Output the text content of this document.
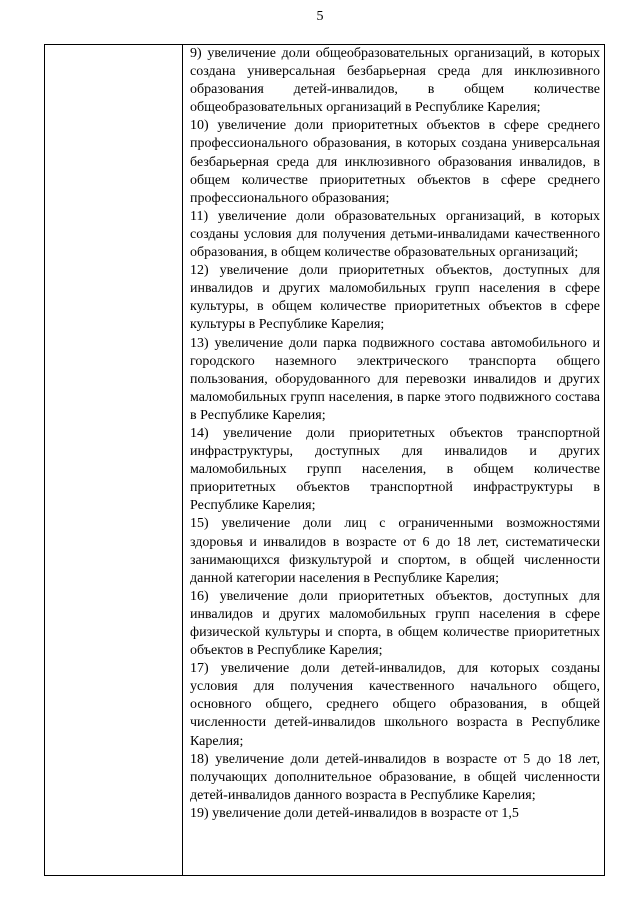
5

9) увеличение доли общеобразовательных организаций, в которых создана универсальная безбарьерная среда для инклюзивного образования детей-инвалидов, в общем количестве общеобразовательных организаций в Республике Карелия;

10) увеличение доли приоритетных объектов в сфере среднего профессионального образования, в которых создана универсальная безбарьерная среда для инклюзивного образования инвалидов, в общем количестве приоритетных объектов в сфере среднего профессионального образования;

11) увеличение доли образовательных организаций, в которых созданы условия для получения детьми-инвалидами качественного образования, в общем количестве образовательных организаций;

12) увеличение доли приоритетных объектов, доступных для инвалидов и других маломобильных групп населения в сфере культуры, в общем количестве приоритетных объектов в сфере культуры в Республике Карелия;

13) увеличение доли парка подвижного состава автомобильного и городского наземного электрического транспорта общего пользования, оборудованного для перевозки инвалидов и других маломобильных групп населения, в парке этого подвижного состава в Республике Карелия;

14) увеличение доли приоритетных объектов транспортной инфраструктуры, доступных для инвалидов и других маломобильных групп населения, в общем количестве приоритетных объектов транспортной инфраструктуры в Республике Карелия;

15) увеличение доли лиц с ограниченными возможностями здоровья и инвалидов в возрасте от 6 до 18 лет, систематически занимающихся физкультурой и спортом, в общей численности данной категории населения в Республике Карелия;

16) увеличение доли приоритетных объектов, доступных для инвалидов и других маломобильных групп населения в сфере физической культуры и спорта, в общем количестве приоритетных объектов в Республике Карелия;

17) увеличение доли детей-инвалидов, для которых созданы условия для получения качественного начального общего, основного общего, среднего общего образования, в общей численности детей-инвалидов школьного возраста в Республике Карелия;

18) увеличение доли детей-инвалидов в возрасте от 5 до 18 лет, получающих дополнительное образование, в общей численности детей-инвалидов данного возраста в Республике Карелия;

19) увеличение доли детей-инвалидов в возрасте от 1,5
